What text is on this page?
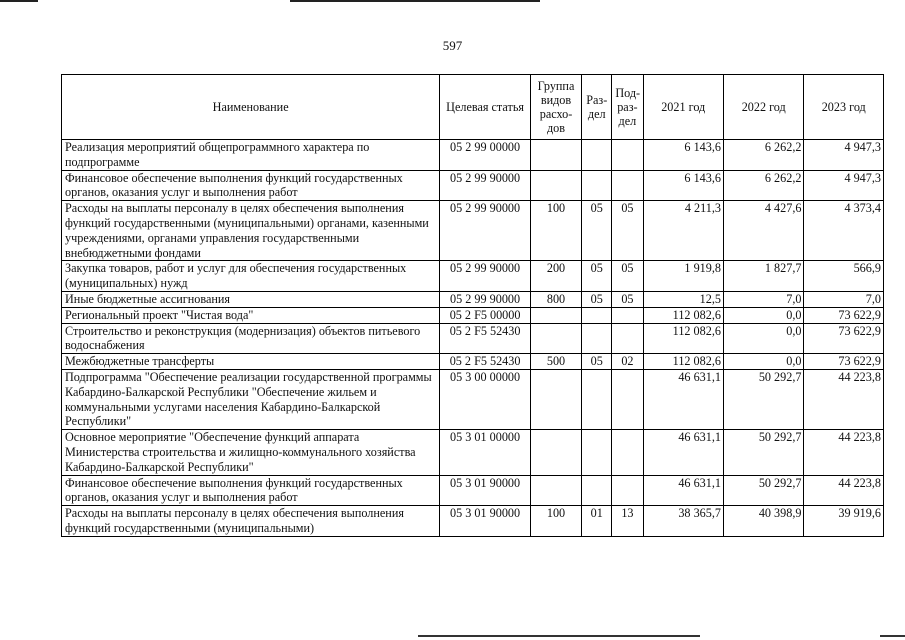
597
Наименование	Целевая статья	Группа видов расхо-дов	Раз-дел	Под-раз-дел	2021 год	2022 год	2023 год
Реализация мероприятий общепрограммного характера по подпрограмме	05 2 99 00000				6 143,6	6 262,2	4 947,3
Финансовое обеспечение выполнения функций государственных органов, оказания услуг и выполнения работ	05 2 99 90000				6 143,6	6 262,2	4 947,3
Расходы на выплаты персоналу в целях обеспечения выполнения функций государственными (муниципальными) органами, казенными учреждениями, органами управления государственными внебюджетными фондами	05 2 99 90000	100	05	05	4 211,3	4 427,6	4 373,4
Закупка товаров, работ и услуг для обеспечения государственных (муниципальных) нужд	05 2 99 90000	200	05	05	1 919,8	1 827,7	566,9
Иные бюджетные ассигнования	05 2 99 90000	800	05	05	12,5	7,0	7,0
Региональный проект "Чистая вода"	05 2 F5 00000				112 082,6	0,0	73 622,9
Строительство и реконструкция (модернизация) объектов питьевого водоснабжения	05 2 F5 52430				112 082,6	0,0	73 622,9
Межбюджетные трансферты	05 2 F5 52430	500	05	02	112 082,6	0,0	73 622,9
Подпрограмма "Обеспечение реализации государственной программы Кабардино-Балкарской Республики "Обеспечение жильем и коммунальными услугами населения Кабардино-Балкарской Республики"	05 3 00 00000				46 631,1	50 292,7	44 223,8
Основное мероприятие "Обеспечение функций аппарата Министерства строительства и жилищно-коммунального хозяйства Кабардино-Балкарской Республики"	05 3 01 00000				46 631,1	50 292,7	44 223,8
Финансовое обеспечение выполнения функций государственных органов, оказания услуг и выполнения работ	05 3 01 90000				46 631,1	50 292,7	44 223,8
Расходы на выплаты персоналу в целях обеспечения выполнения функций государственными (муниципальными)	05 3 01 90000	100	01	13	38 365,7	40 398,9	39 919,6
